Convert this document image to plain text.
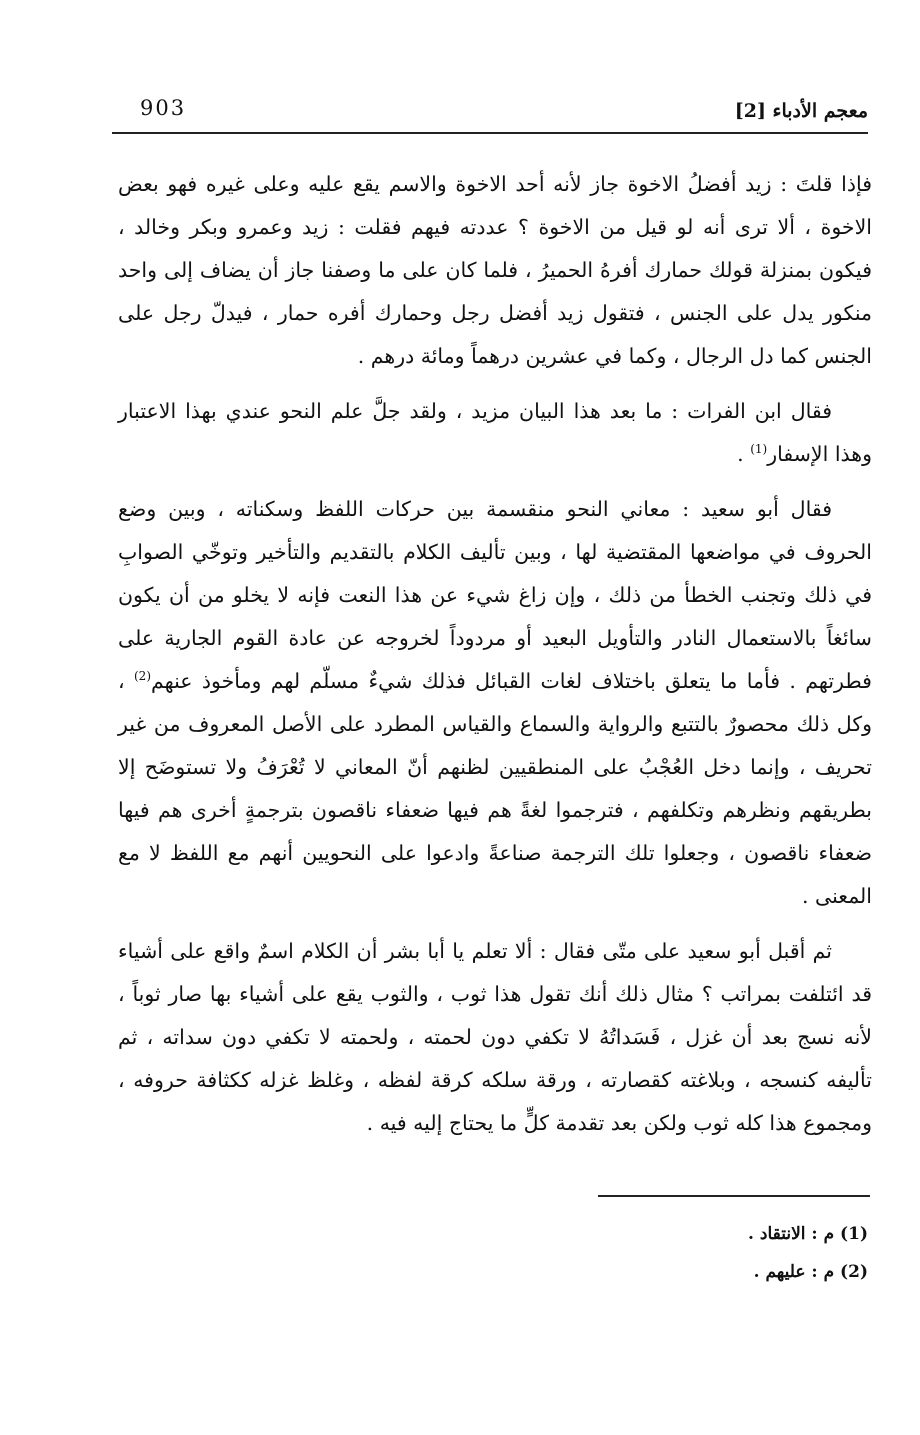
معجم الأدباء [2]
903

فإذا قلتَ : زيد أفضلُ الاخوة جاز لأنه أحد الاخوة والاسم يقع عليه وعلى غيره فهو بعض الاخوة ، ألا ترى أنه لو قيل من الاخوة ؟ عددته فيهم فقلت : زيد وعمرو وبكر وخالد ، فيكون بمنزلة قولك حمارك أفرهُ الحميرُ ، فلما كان على ما وصفنا جاز أن يضاف إلى واحد منكور يدل على الجنس ، فتقول زيد أفضل رجل وحمارك أفره حمار ، فيدلّ رجل على الجنس كما دل الرجال ، وكما في عشرين درهماً ومائة درهم .

فقال ابن الفرات : ما بعد هذا البيان مزيد ، ولقد جلَّ علم النحو عندي بهذا الاعتبار وهذا الإسفار$^{(1)}$ .

فقال أبو سعيد : معاني النحو منقسمة بين حركات اللفظ وسكناته ، وبين وضع الحروف في مواضعها المقتضية لها ، وبين تأليف الكلام بالتقديم والتأخير وتوخّي الصوابِ في ذلك وتجنب الخطأ من ذلك ، وإن زاغ شيء عن هذا النعت فإنه لا يخلو من أن يكون سائغاً بالاستعمال النادر والتأويل البعيد أو مردوداً لخروجه عن عادة القوم الجارية على فطرتهم . فأما ما يتعلق باختلاف لغات القبائل فذلك شيءٌ مسلّم لهم ومأخوذ عنهم$^{(2)}$ ، وكل ذلك محصورٌ بالتتبع والرواية والسماع والقياس المطرد على الأصل المعروف من غير تحريف ، وإنما دخل العُجْبُ على المنطقيين لظنهم أنّ المعاني لا تُعْرَفُ ولا تستوضَح إلا بطريقهم ونظرهم وتكلفهم ، فترجموا لغةً هم فيها ضعفاء ناقصون بترجمةٍ أخرى هم فيها ضعفاء ناقصون ، وجعلوا تلك الترجمة صناعةً وادعوا على النحويين أنهم مع اللفظ لا مع المعنى .

ثم أقبل أبو سعيد على متّى فقال : ألا تعلم يا أبا بشر أن الكلام اسمٌ واقع على أشياء قد ائتلفت بمراتب ؟ مثال ذلك أنك تقول هذا ثوب ، والثوب يقع على أشياء بها صار ثوباً ، لأنه نسج بعد أن غزل ، فَسَداتُهُ لا تكفي دون لحمته ، ولحمته لا تكفي دون سداته ، ثم تأليفه كنسجه ، وبلاغته كقصارته ، ورقة سلكه كرقة لفظه ، وغلظ غزله ككثافة حروفه ، ومجموع هذا كله ثوب ولكن بعد تقدمة كلٍّ ما يحتاج إليه فيه .

(1) م : الانتقاد .
(2) م : عليهم .
